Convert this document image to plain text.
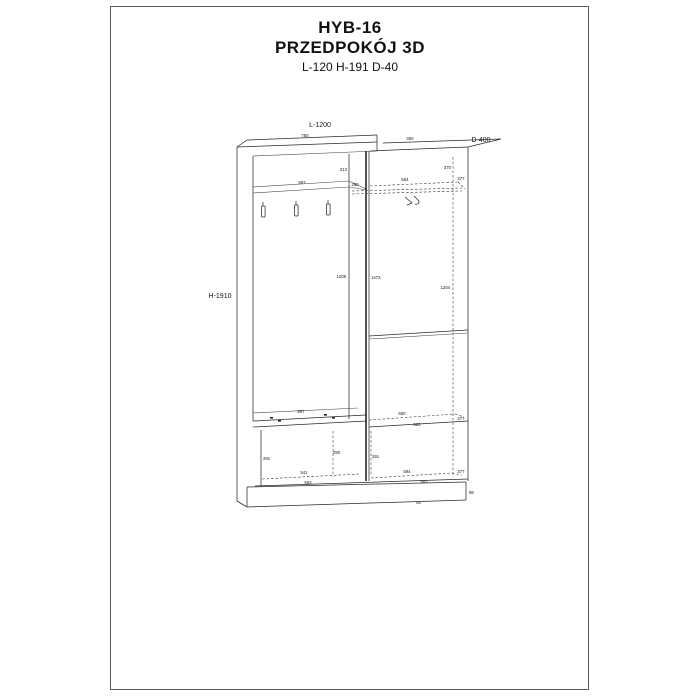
HYB-16
PRZEDPOKÓJ 3D
L-120 H-191 D-40
L-1200
D-400
H-1910
750
213
1208
597	260
450
370
1473
1204
554	377
650
583
377
597
291
290
541
583
291
594
583
377
98
